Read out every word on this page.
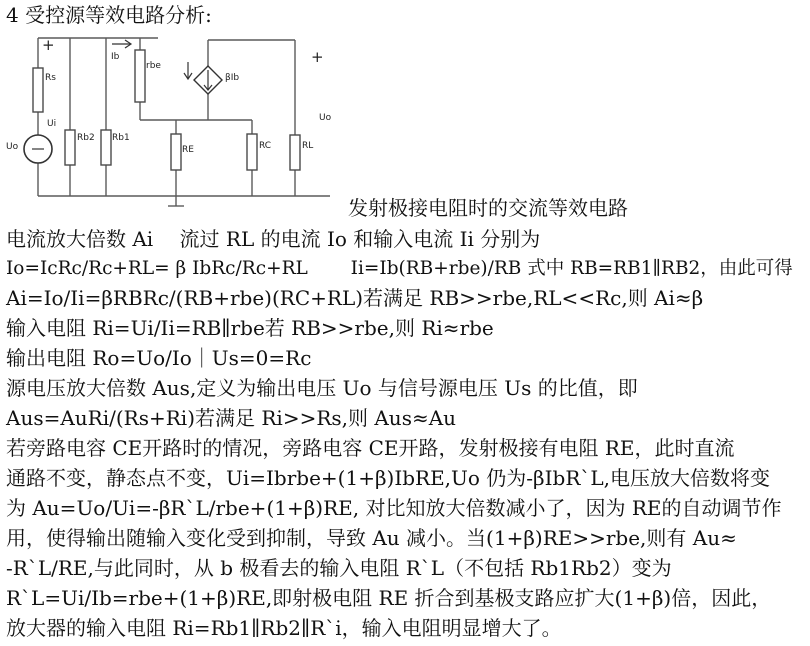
4 受控源等效电路分析:
+
+
Rs
Ui
Uo
Rb2 Rb1
Ib
rbe
βIb
RE	RC	RL
Uo
发射极接电阻时的交流等效电路
电流放大倍数 Ai　 流过 RL 的电流 Io 和输入电流 Ii 分别为
Io=IcRc/Rc+RL= β IbRc/Rc+RL　　 Ii=Ib(RB+rbe)/RB 式中 RB=RB1∥RB2，由此可得
Ai=Io/Ii=βRBRc/(RB+rbe)(RC+RL)若满足 RB>>rbe,RL<<Rc,则 Ai≈β
输入电阻 Ri=Ui/Ii=RB∥rbe若 RB>>rbe,则 Ri≈rbe
输出电阻 Ro=Uo/Io｜Us=0=Rc
源电压放大倍数 Aus,定义为输出电压 Uo 与信号源电压 Us 的比值，即
Aus=AuRi/(Rs+Ri)若满足 Ri>>Rs,则 Aus≈Au
若旁路电容 CE开路时的情况，旁路电容 CE开路，发射极接有电阻 RE，此时直流
通路不变，静态点不变，Ui=Ibrbe+(1+β)IbRE,Uo 仍为-βIbR`L,电压放大倍数将变
为 Au=Uo/Ui=-βR`L/rbe+(1+β)RE, 对比知放大倍数减小了，因为 RE的自动调节作
用，使得输出随输入变化受到抑制，导致 Au 减小。当(1+β)RE>>rbe,则有 Au≈
-R`L/RE,与此同时，从 b 极看去的输入电阻 R`L（不包括 Rb1Rb2）变为
R`L=Ui/Ib=rbe+(1+β)RE,即射极电阻 RE 折合到基极支路应扩大(1+β)倍，因此，
放大器的输入电阻 Ri=Rb1∥Rb2∥R`i，输入电阻明显增大了。
